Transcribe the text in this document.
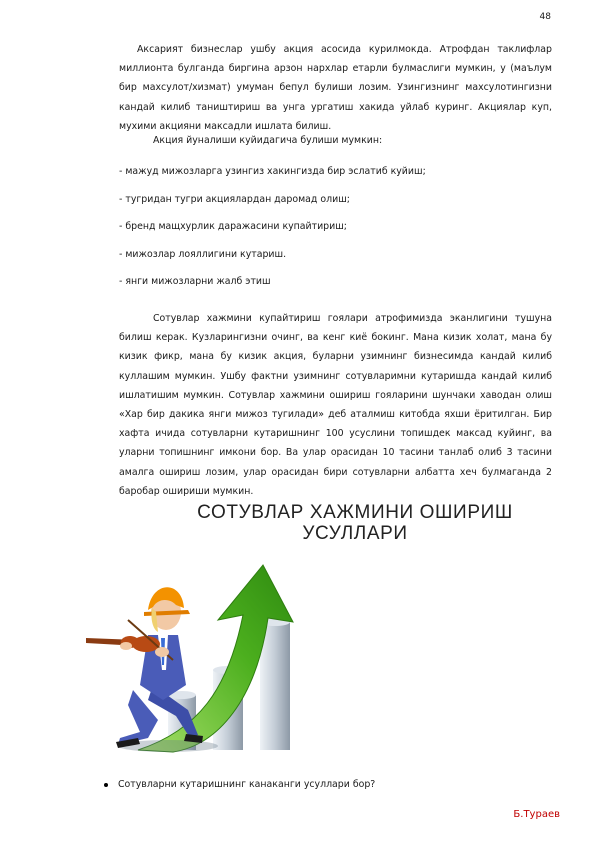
48

Аксарият бизнеслар ушбу акция асосида курилмокда. Атрофдан таклифлар миллионта булганда биргина арзон нархлар етарли булмаслиги мумкин, у (маълум бир махсулот/хизмат) умуман бепул булиши лозим. Узингизнинг махсулотингизни кандай килиб таништириш ва унга ургатиш хакида уйлаб куринг. Акциялар куп, мухими акцияни максадли ишлата билиш.

Акция йуналиши куйидагича булиши мумкин:

- мажуд мижозларга узингиз хакингизда бир эслатиб куйиш;

- тугридан тугри акциялардан даромад олиш;

- бренд мащхурлик даражасини купайтириш;

- мижозлар лояллигини кутариш.

- янги мижозларни жалб этиш

Сотувлар хажмини купайтириш гоялари атрофимизда эканлигини тушуна билиш керак. Кузларингизни очинг, ва кенг киё бокинг. Мана кизик холат, мана бу кизик фикр, мана бу кизик акция, буларни узимнинг бизнесимда кандай килиб куллашим мумкин. Ушбу фактни узимнинг сотувларимни кутаришда кандай килиб ишлатишим мумкин. Сотувлар хажмини ошириш гояларини шунчаки хаводан олиш «Хар бир дакика янги мижоз тугилади» деб аталмиш китобда яхши ёритилган. Бир хафта ичида сотувларни кутаришнинг 100 усуслини топишдек максад куйинг, ва уларни топишнинг имкони бор. Ва улар орасидан 10 тасини танлаб олиб 3 тасини амалга ошириш лозим, улар орасидан бири сотувларни албатта хеч булмаганда 2 баробар ошириши мумкин.

СОТУВЛАР ХАЖМИНИ ОШИРИШ
УСУЛЛАРИ
Сотувларни кутаришнинг канаканги усуллари бор?
Б.Тураев
